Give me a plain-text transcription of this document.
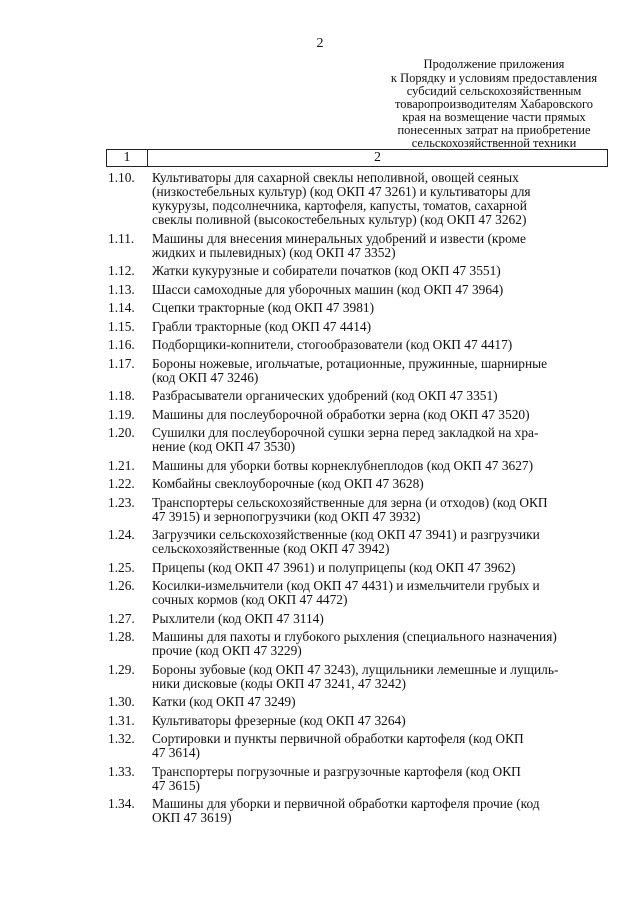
2
Продолжение приложения
к Порядку и условиям предоставления
субсидий сельскохозяйственным
товаропроизводителям Хабаровского
края на возмещение части прямых
понесенных затрат на приобретение
сельскохозяйственной техники
1	2
1.10.	Культиваторы для сахарной свеклы неполивной, овощей сеяных
(низкостебельных культур) (код ОКП 47 3261) и культиваторы для
кукурузы, подсолнечника, картофеля, капусты, томатов, сахарной
свеклы поливной (высокостебельных культур) (код ОКП 47 3262)
1.11.	Машины для внесения минеральных удобрений и извести (кроме
жидких и пылевидных) (код ОКП 47 3352)
1.12.	Жатки кукурузные и собиратели початков (код ОКП 47 3551)
1.13.	Шасси самоходные для уборочных машин (код ОКП 47 3964)
1.14.	Сцепки тракторные (код ОКП 47 3981)
1.15.	Грабли тракторные (код ОКП 47 4414)
1.16.	Подборщики-копнители, стогообразователи (код ОКП 47 4417)
1.17.	Бороны ножевые, игольчатые, ротационные, пружинные, шарнирные
(код ОКП 47 3246)
1.18.	Разбрасыватели органических удобрений (код ОКП 47 3351)
1.19.	Машины для послеуборочной обработки зерна (код ОКП 47 3520)
1.20.	Сушилки для послеуборочной сушки зерна перед закладкой на хра-
нение (код ОКП 47 3530)
1.21.	Машины для уборки ботвы корнеклубнеплодов (код ОКП 47 3627)
1.22.	Комбайны свеклоуборочные (код ОКП 47 3628)
1.23.	Транспортеры сельскохозяйственные для зерна (и отходов) (код ОКП
47 3915) и зернопогрузчики (код ОКП 47 3932)
1.24.	Загрузчики сельскохозяйственные (код ОКП 47 3941) и разгрузчики
сельскохозяйственные (код ОКП 47 3942)
1.25.	Прицепы (код ОКП 47 3961) и полуприцепы (код ОКП 47 3962)
1.26.	Косилки-измельчители (код ОКП 47 4431) и измельчители грубых и
сочных кормов (код ОКП 47 4472)
1.27.	Рыхлители (код ОКП 47 3114)
1.28.	Машины для пахоты и глубокого рыхления (специального назначения)
прочие (код ОКП 47 3229)
1.29.	Бороны зубовые (код ОКП 47 3243), лущильники лемешные и лущиль-
ники дисковые (коды ОКП 47 3241, 47 3242)
1.30.	Катки (код ОКП 47 3249)
1.31.	Культиваторы фрезерные (код ОКП 47 3264)
1.32.	Сортировки и пункты первичной обработки картофеля (код ОКП
47 3614)
1.33.	Транспортеры погрузочные и разгрузочные картофеля (код ОКП
47 3615)
1.34.	Машины для уборки и первичной обработки картофеля прочие (код
ОКП 47 3619)
